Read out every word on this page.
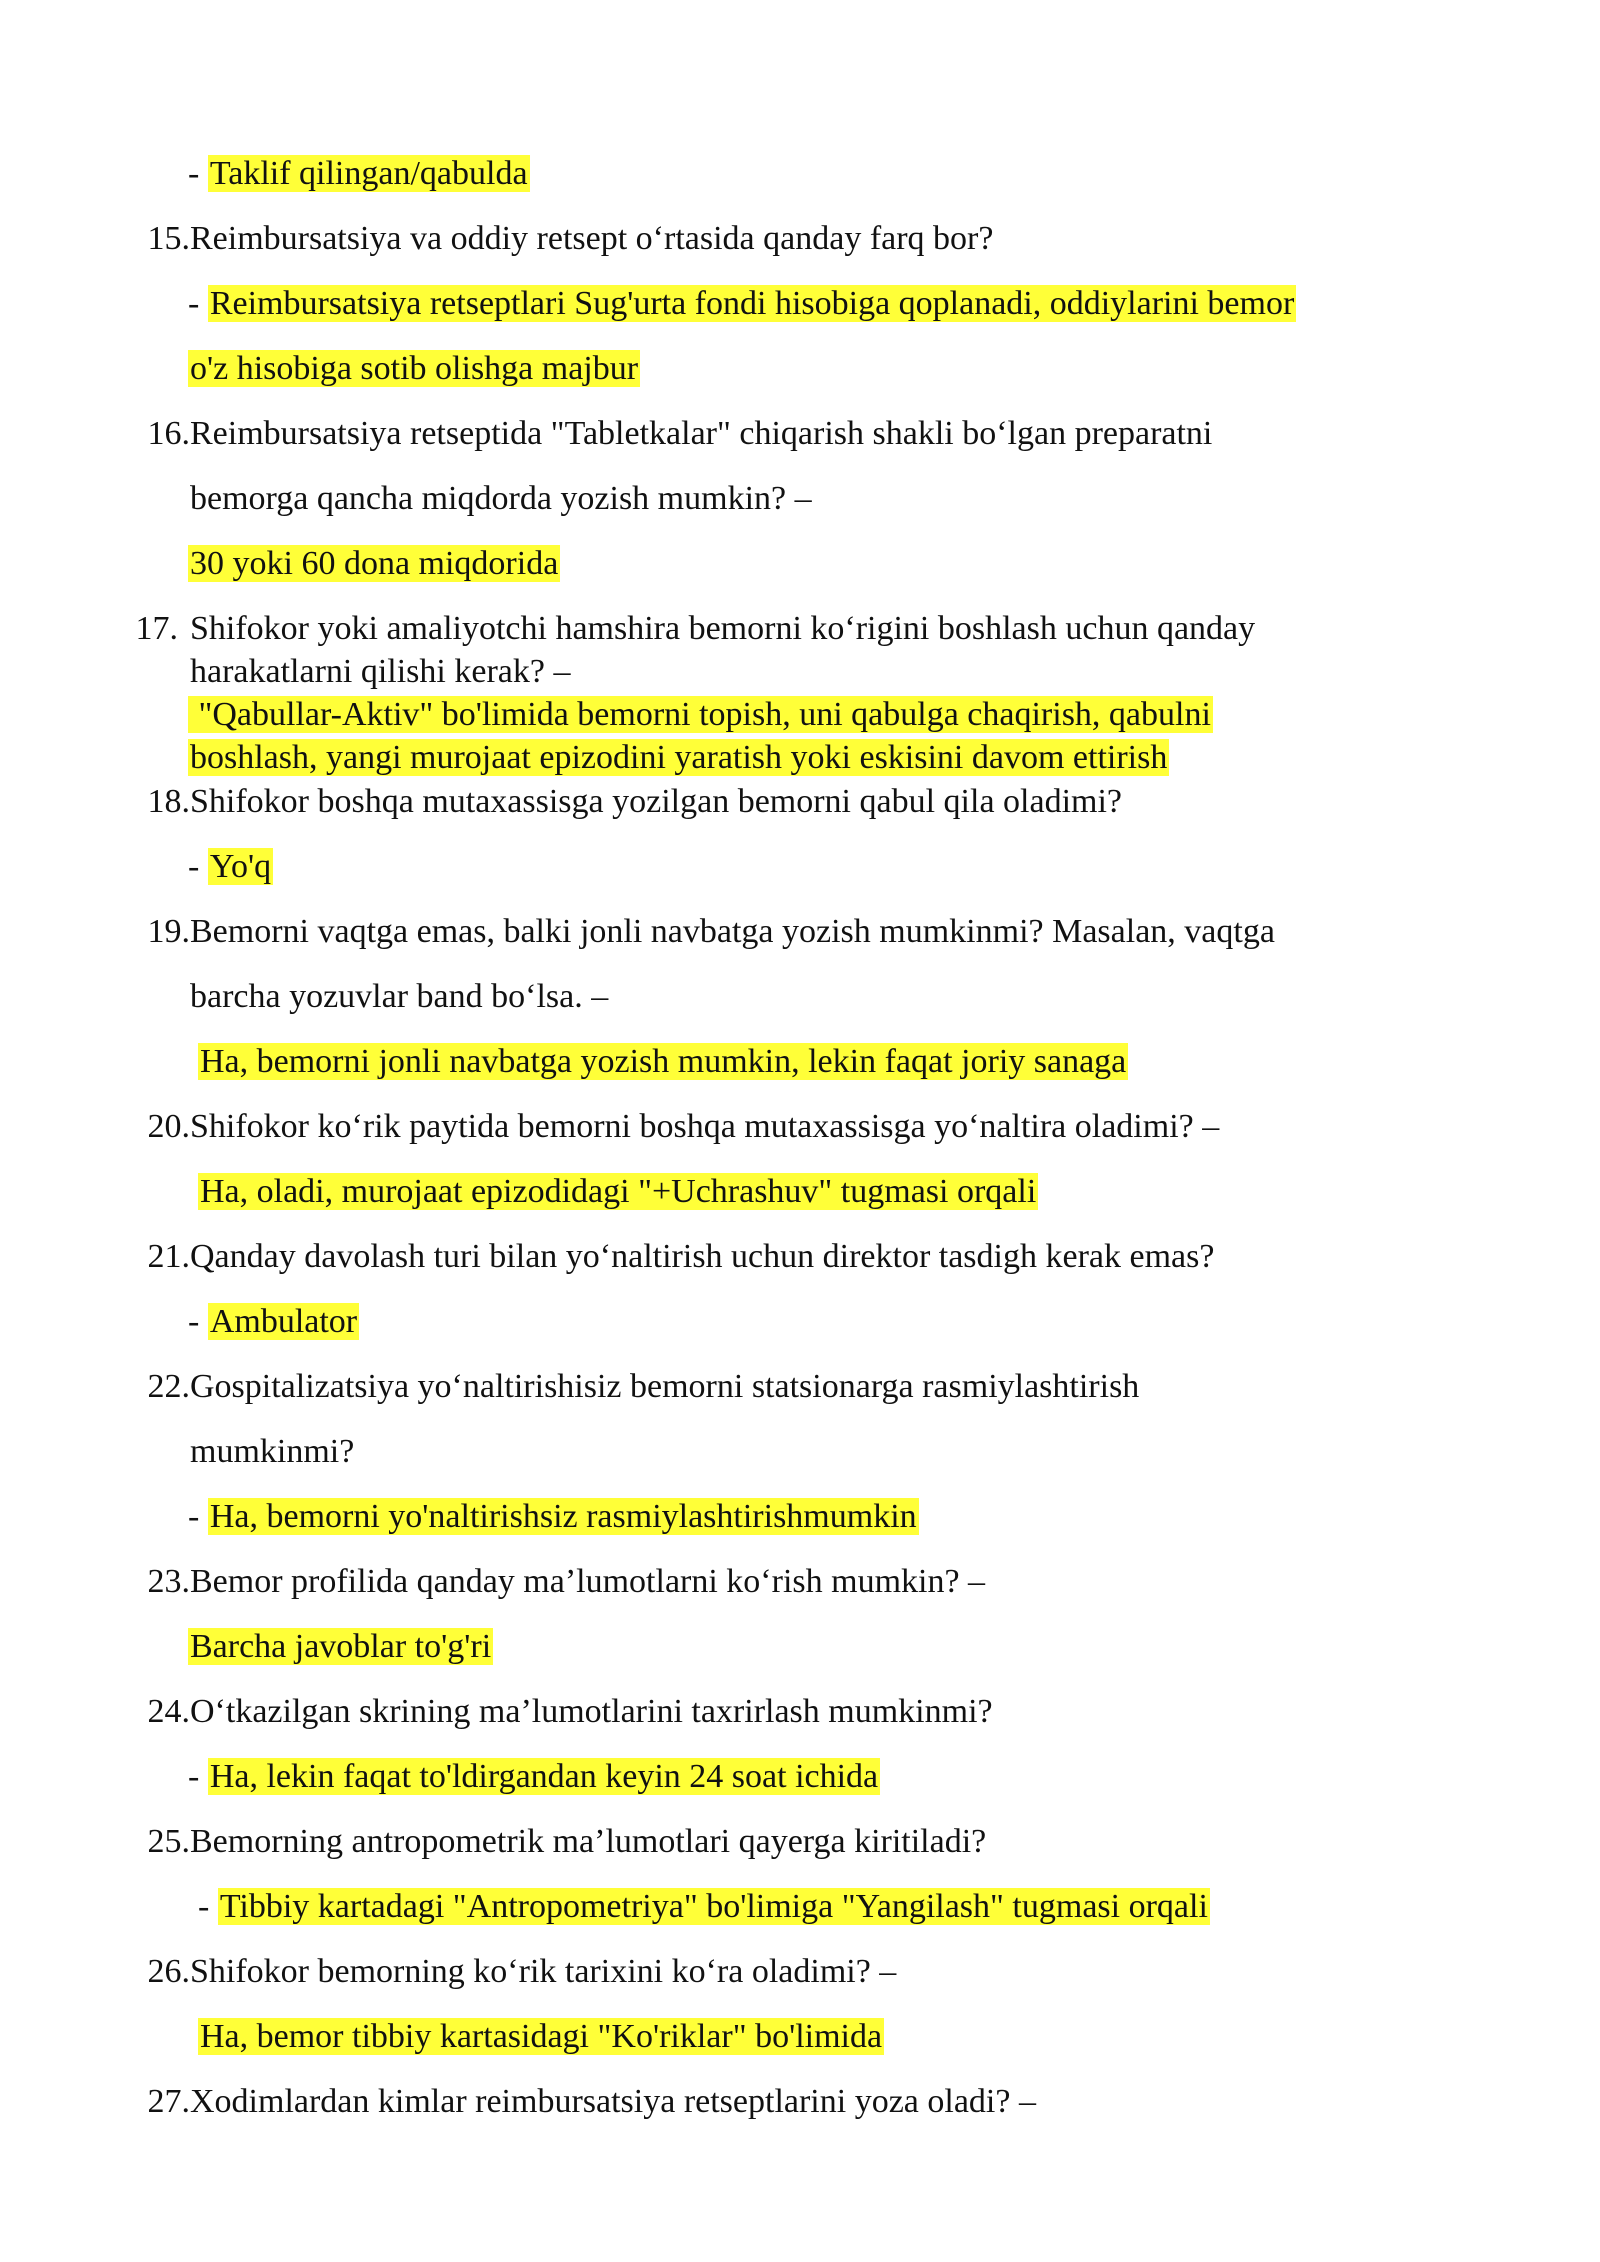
- Taklif qilingan/qabulda
15. Reimbursatsiya va oddiy retsept o‘rtasida qanday farq bor?
- Reimbursatsiya retseptlari Sug'urta fondi hisobiga qoplanadi, oddiylarini bemor
o'z hisobiga sotib olishga majbur
16. Reimbursatsiya retseptida "Tabletkalar" chiqarish shakli bo‘lgan preparatni
bemorga qancha miqdorda yozish mumkin? –
30 yoki 60 dona miqdorida
17. Shifokor yoki amaliyotchi hamshira bemorni ko‘rigini boshlash uchun qanday
harakatlarni qilishi kerak? –
"Qabullar-Aktiv" bo'limida bemorni topish, uni qabulga chaqirish, qabulni
boshlash, yangi murojaat epizodini yaratish yoki eskisini davom ettirish
18. Shifokor boshqa mutaxassisga yozilgan bemorni qabul qila oladimi?
- Yo'q
19. Bemorni vaqtga emas, balki jonli navbatga yozish mumkinmi? Masalan, vaqtga
barcha yozuvlar band bo‘lsa. –
Ha, bemorni jonli navbatga yozish mumkin, lekin faqat joriy sanaga
20. Shifokor ko‘rik paytida bemorni boshqa mutaxassisga yo‘naltira oladimi? –
Ha, oladi, murojaat epizodidagi "+Uchrashuv" tugmasi orqali
21. Qanday davolash turi bilan yo‘naltirish uchun direktor tasdigh kerak emas?
- Ambulator
22. Gospitalizatsiya yo‘naltirishisiz bemorni statsionarga rasmiylashtirish
mumkinmi?
- Ha, bemorni yo'naltirishsiz rasmiylashtirishmumkin
23. Bemor profilida qanday ma’lumotlarni ko‘rish mumkin? –
Barcha javoblar to'g'ri
24. O‘tkazilgan skrining ma’lumotlarini taxrirlash mumkinmi?
- Ha, lekin faqat to'ldirgandan keyin 24 soat ichida
25. Bemorning antropometrik ma’lumotlari qayerga kiritiladi?
- Tibbiy kartadagi "Antropometriya" bo'limiga "Yangilash" tugmasi orqali
26. Shifokor bemorning ko‘rik tarixini ko‘ra oladimi? –
Ha, bemor tibbiy kartasidagi "Ko'riklar" bo'limida
27. Xodimlardan kimlar reimbursatsiya retseptlarini yoza oladi? –
